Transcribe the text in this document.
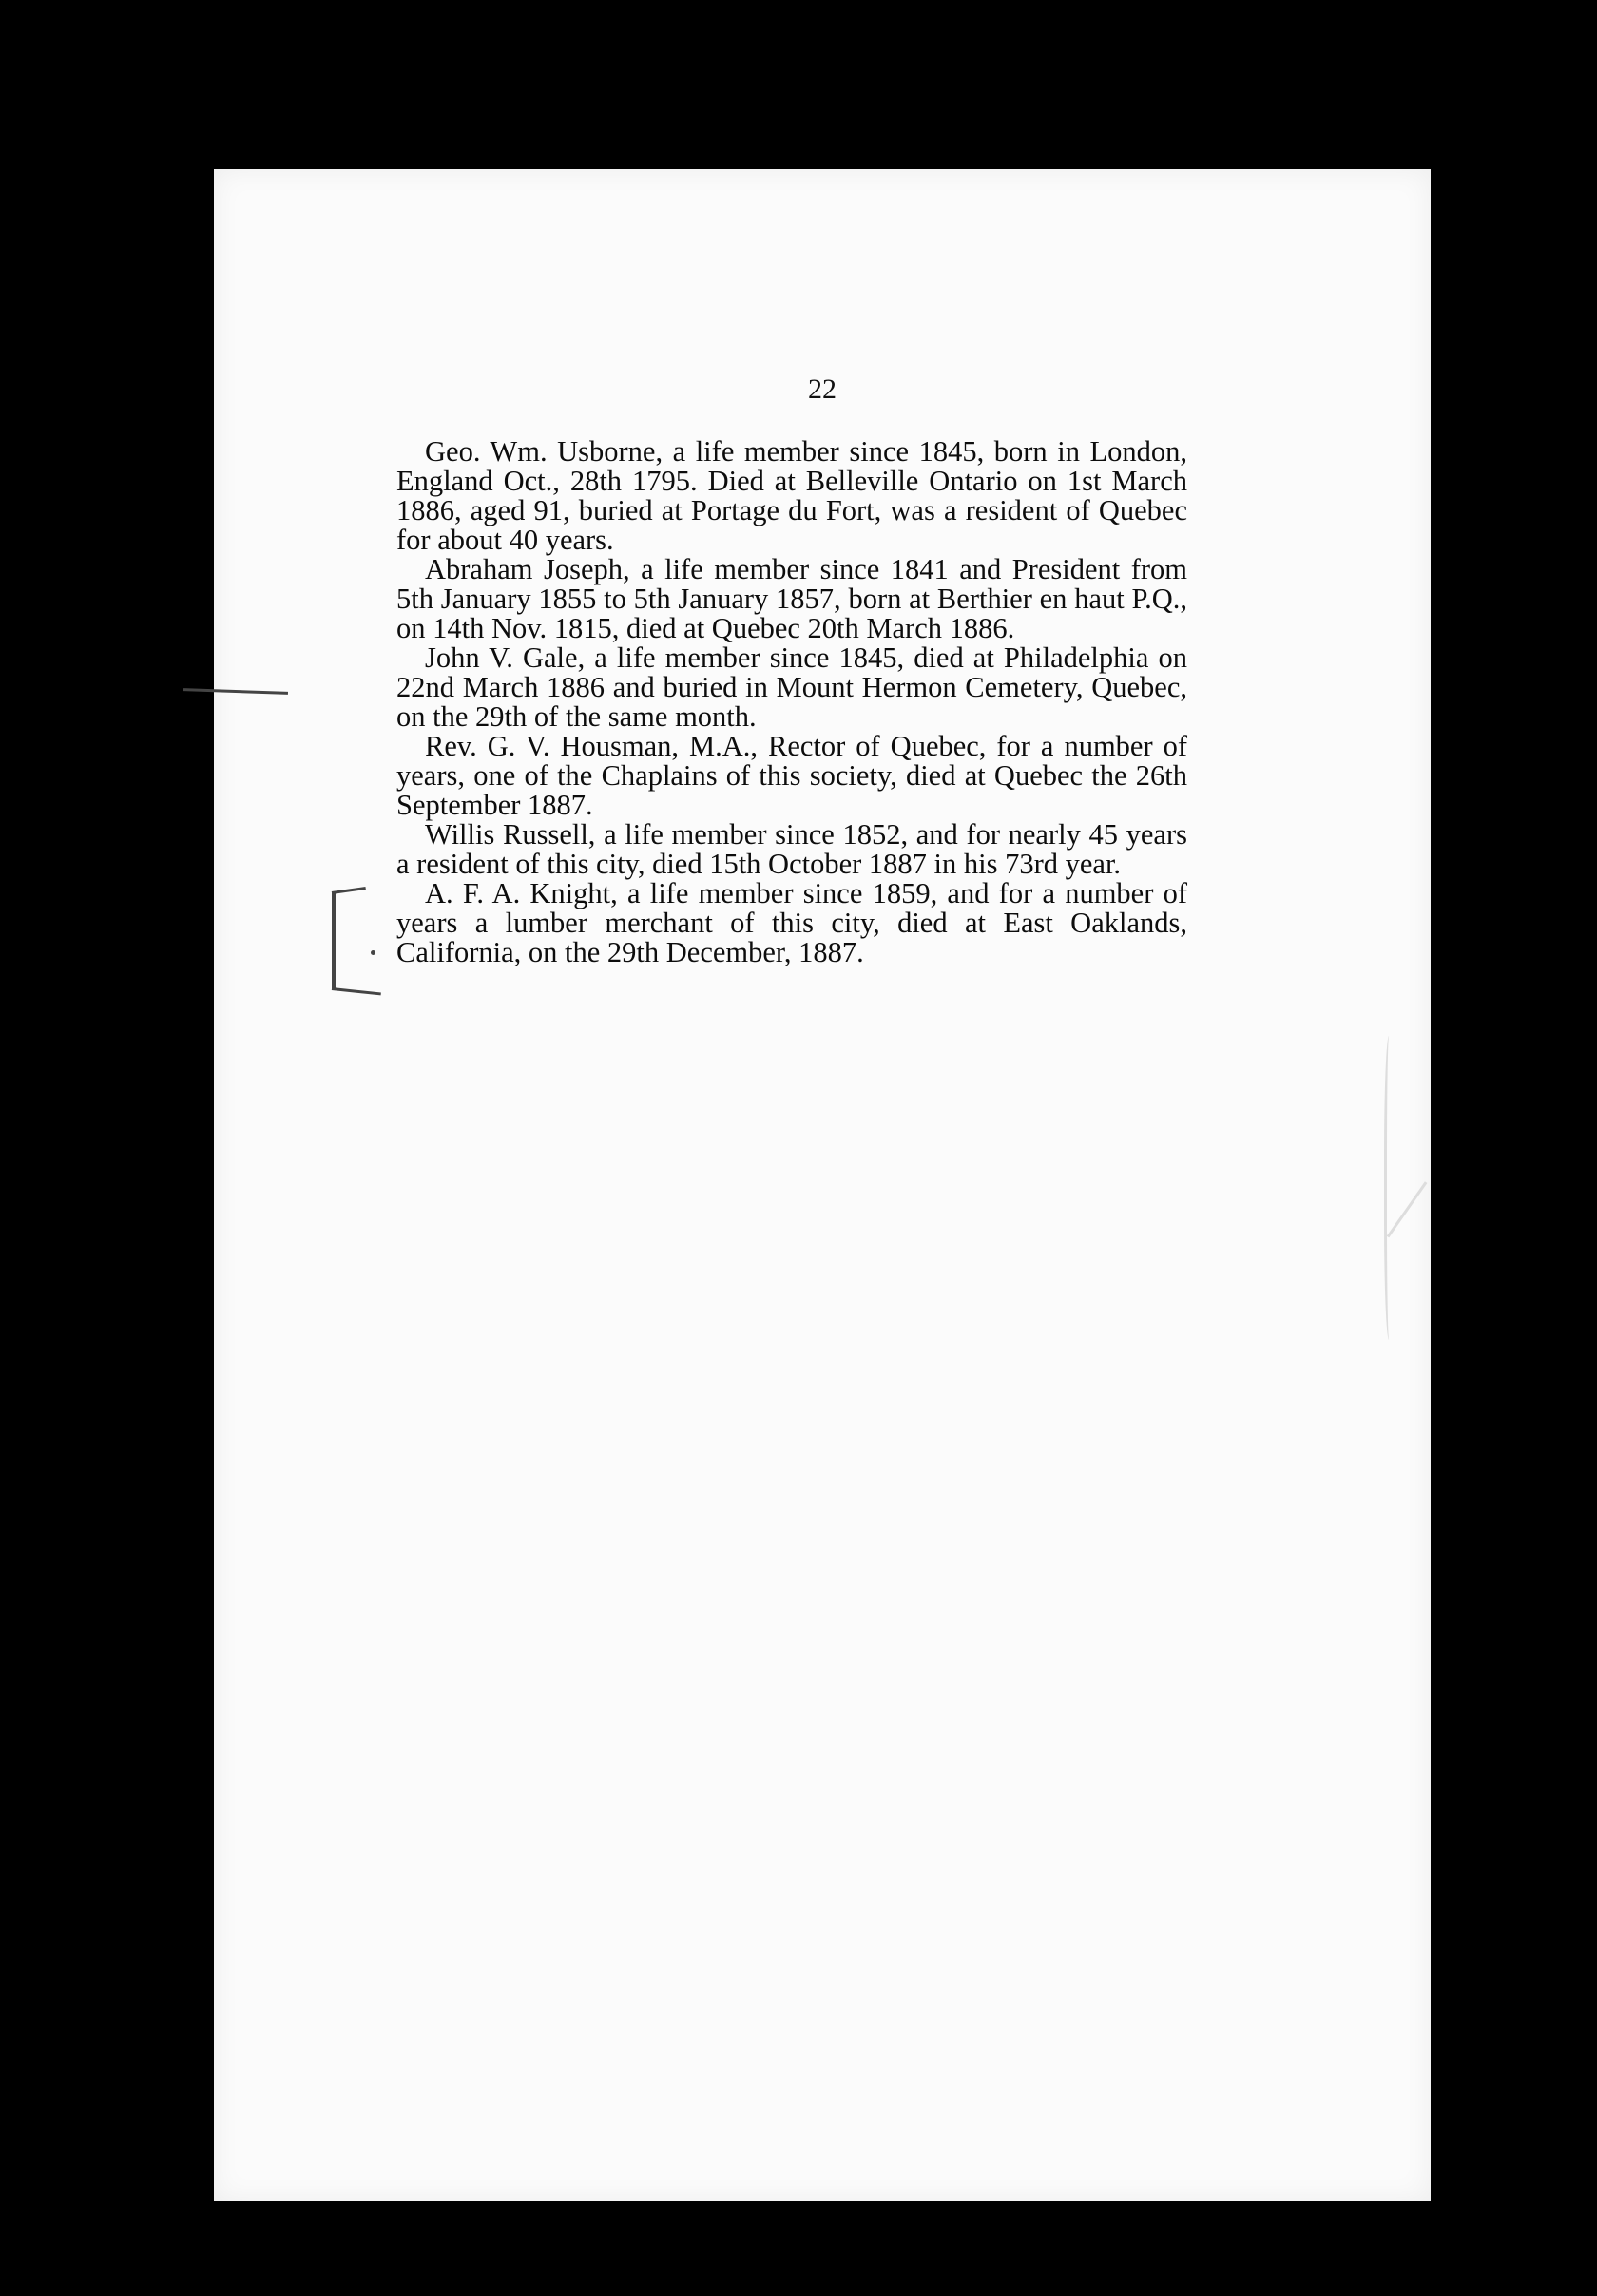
22

Geo. Wm. Usborne, a life member since 1845, born in London, England Oct., 28th 1795. Died at Belleville Ontario on 1st March 1886, aged 91, buried at Portage du Fort, was a resident of Quebec for about 40 years.

Abraham Joseph, a life member since 1841 and President from 5th January 1855 to 5th January 1857, born at Berthier en haut P.Q., on 14th Nov. 1815, died at Quebec 20th March 1886.

John V. Gale, a life member since 1845, died at Philadelphia on 22nd March 1886 and buried in Mount Hermon Cemetery, Quebec, on the 29th of the same month.

Rev. G. V. Housman, M.A., Rector of Quebec, for a number of years, one of the Chaplains of this society, died at Quebec the 26th September 1887.

Willis Russell, a life member since 1852, and for nearly 45 years a resident of this city, died 15th October 1887 in his 73rd year.

A. F. A. Knight, a life member since 1859, and for a number of years a lumber merchant of this city, died at East Oaklands, California, on the 29th December, 1887.
